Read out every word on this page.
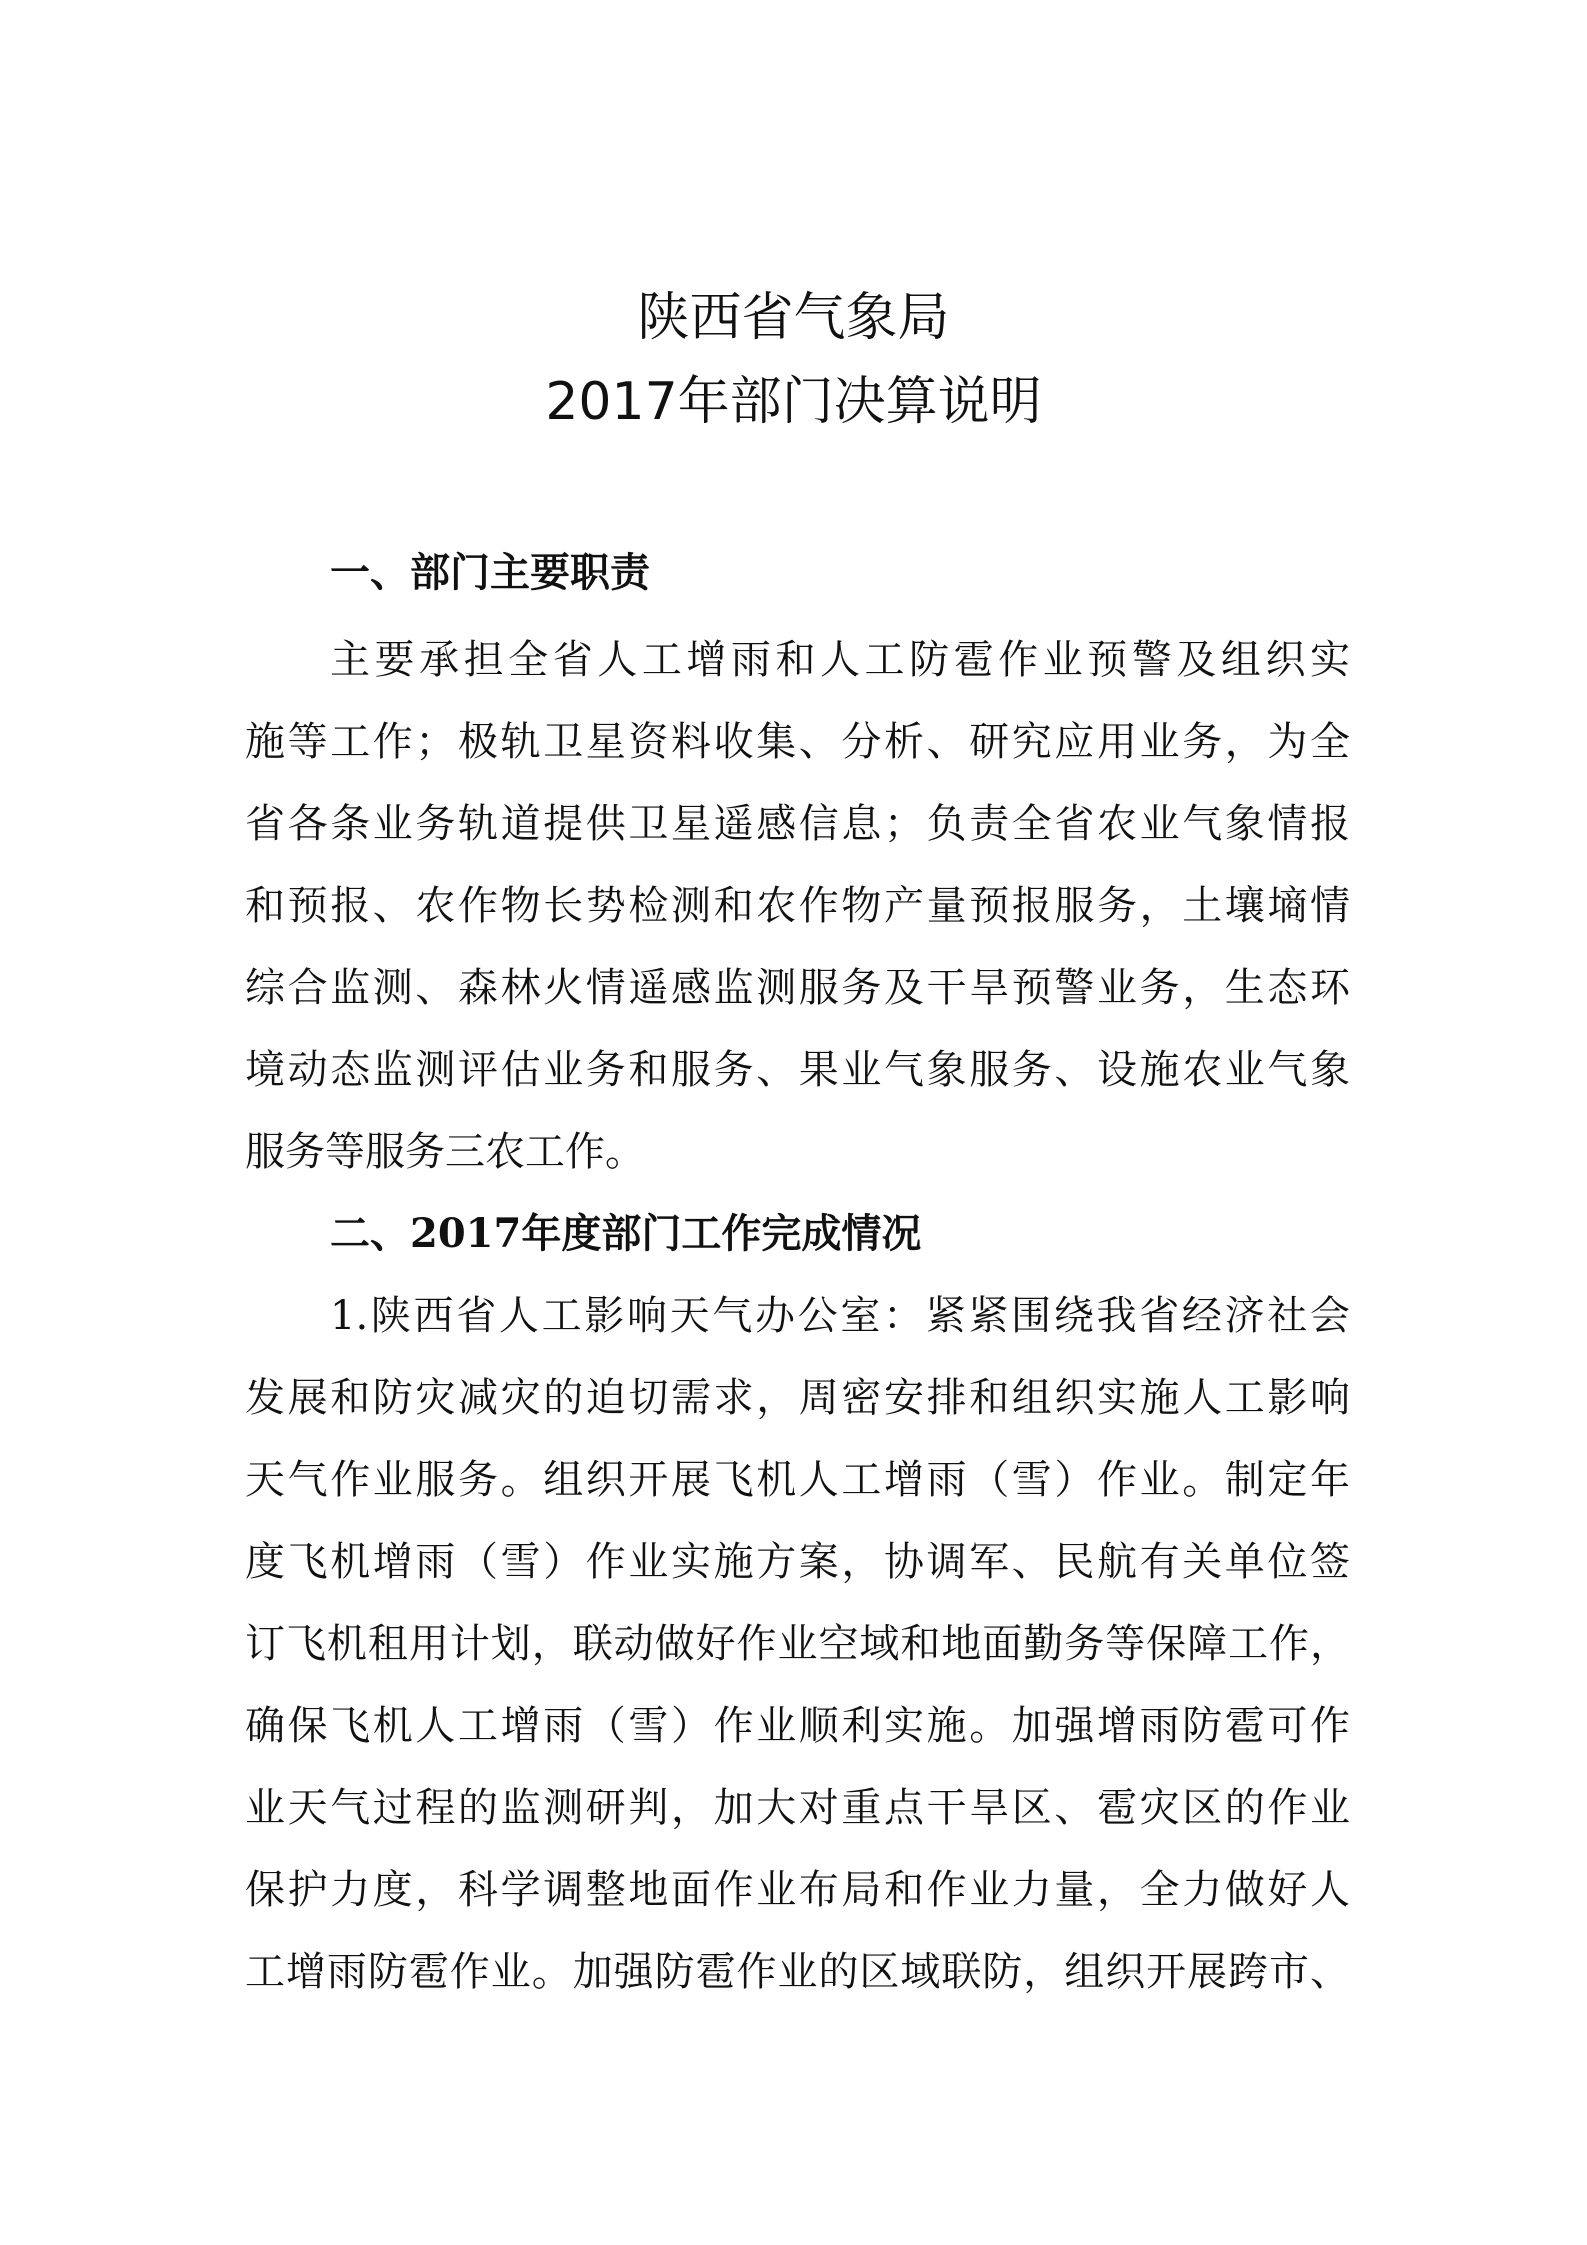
陕西省气象局
2017年部门决算说明
一、部门主要职责
主要承担全省人工增雨和人工防雹作业预警及组织实
施等工作；极轨卫星资料收集、分析、研究应用业务，为全
省各条业务轨道提供卫星遥感信息；负责全省农业气象情报
和预报、农作物长势检测和农作物产量预报服务，土壤墒情
综合监测、森林火情遥感监测服务及干旱预警业务，生态环
境动态监测评估业务和服务、果业气象服务、设施农业气象
服务等服务三农工作。
二、2017年度部门工作完成情况
1.陕西省人工影响天气办公室：紧紧围绕我省经济社会
发展和防灾减灾的迫切需求，周密安排和组织实施人工影响
天气作业服务。组织开展飞机人工增雨（雪）作业。制定年
度飞机增雨（雪）作业实施方案，协调军、民航有关单位签
订飞机租用计划，联动做好作业空域和地面勤务等保障工作，
确保飞机人工增雨（雪）作业顺利实施。加强增雨防雹可作
业天气过程的监测研判，加大对重点干旱区、雹灾区的作业
保护力度，科学调整地面作业布局和作业力量，全力做好人
工增雨防雹作业。加强防雹作业的区域联防，组织开展跨市、
